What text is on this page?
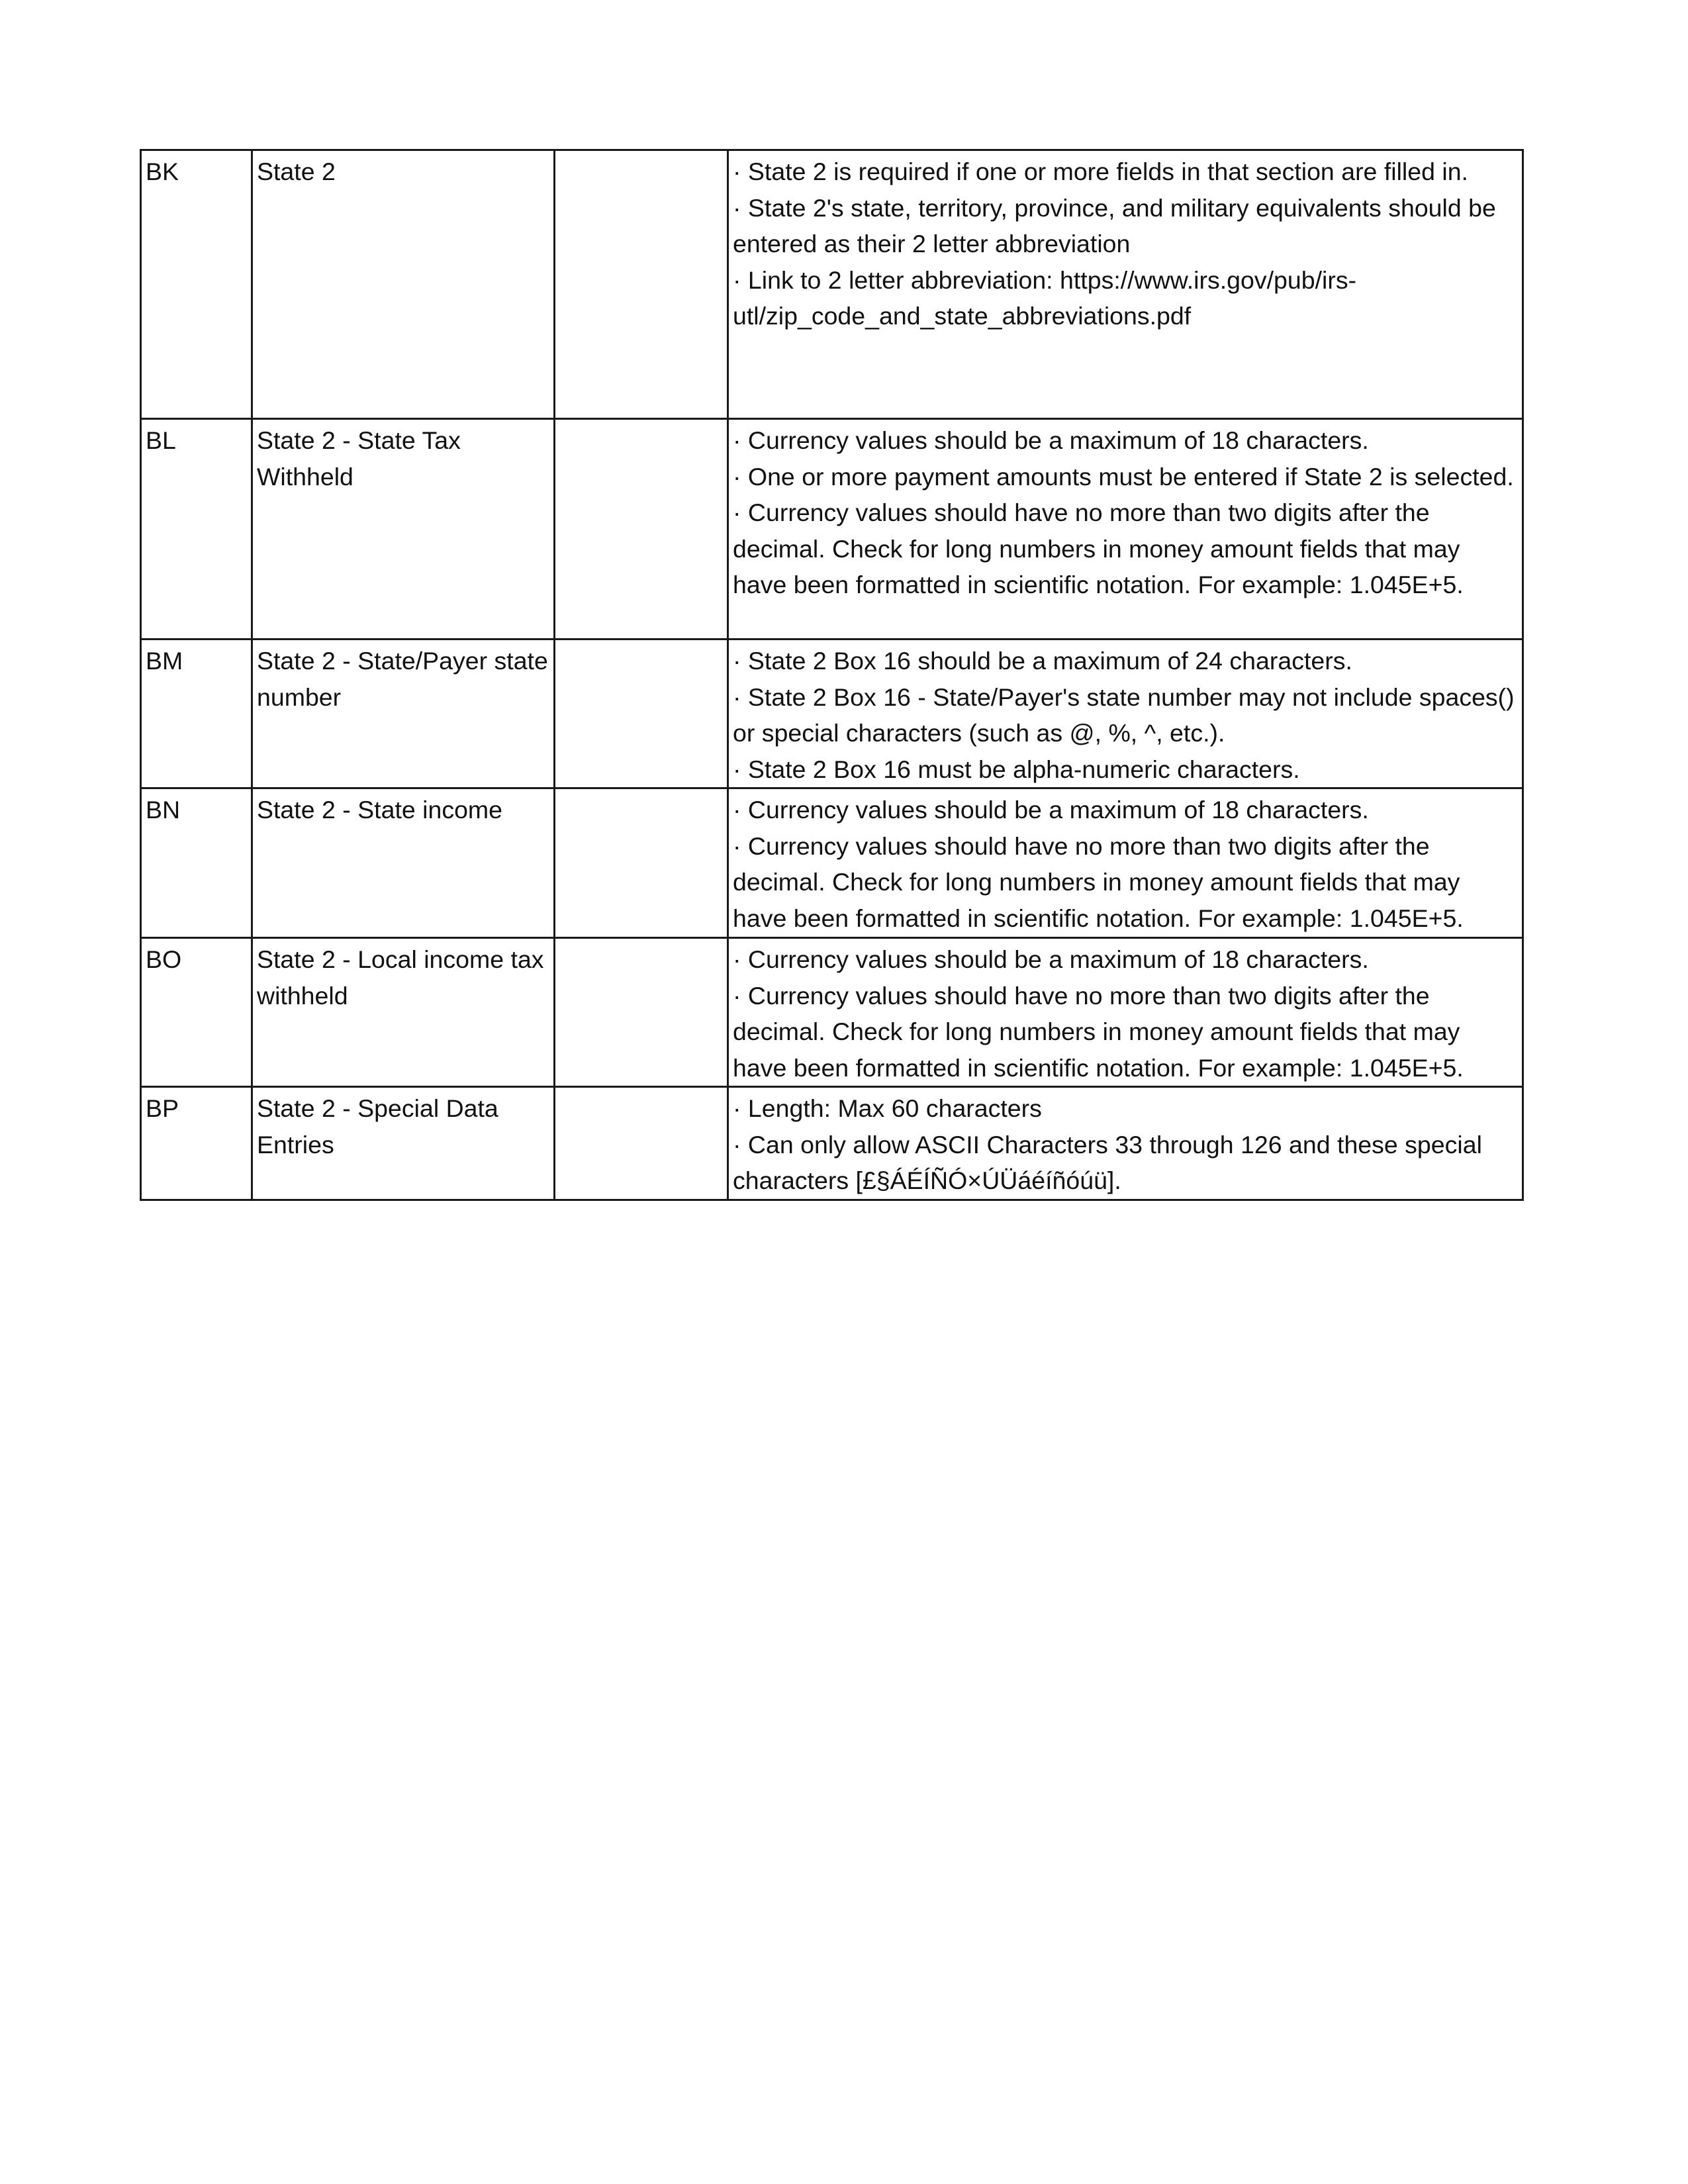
BK	State 2		· State 2 is required if one or more fields in that section are filled in.
· State 2's state, territory, province, and military equivalents should be entered as their 2 letter abbreviation
· Link to 2 letter abbreviation: https://www.irs.gov/pub/irs-utl/zip_code_and_state_abbreviations.pdf

BL	State 2 - State Tax Withheld		· Currency values should be a maximum of 18 characters.
· One or more payment amounts must be entered if State 2 is selected.
· Currency values should have no more than two digits after the decimal. Check for long numbers in money amount fields that may have been formatted in scientific notation. For example: 1.045E+5.

BM	State 2 - State/Payer state number		· State 2 Box 16 should be a maximum of 24 characters.
· State 2 Box 16 - State/Payer's state number may not include spaces() or special characters (such as @, %, ^, etc.).
· State 2 Box 16 must be alpha-numeric characters.

BN	State 2 - State income		· Currency values should be a maximum of 18 characters.
· Currency values should have no more than two digits after the decimal. Check for long numbers in money amount fields that may have been formatted in scientific notation. For example: 1.045E+5.

BO	State 2 - Local income tax withheld		· Currency values should be a maximum of 18 characters.
· Currency values should have no more than two digits after the decimal. Check for long numbers in money amount fields that may have been formatted in scientific notation. For example: 1.045E+5.

BP	State 2 - Special Data Entries		· Length: Max 60 characters
· Can only allow ASCII Characters 33 through 126 and these special characters [£§ÁÉÍÑÓ×ÚÜáéíñóúü].
